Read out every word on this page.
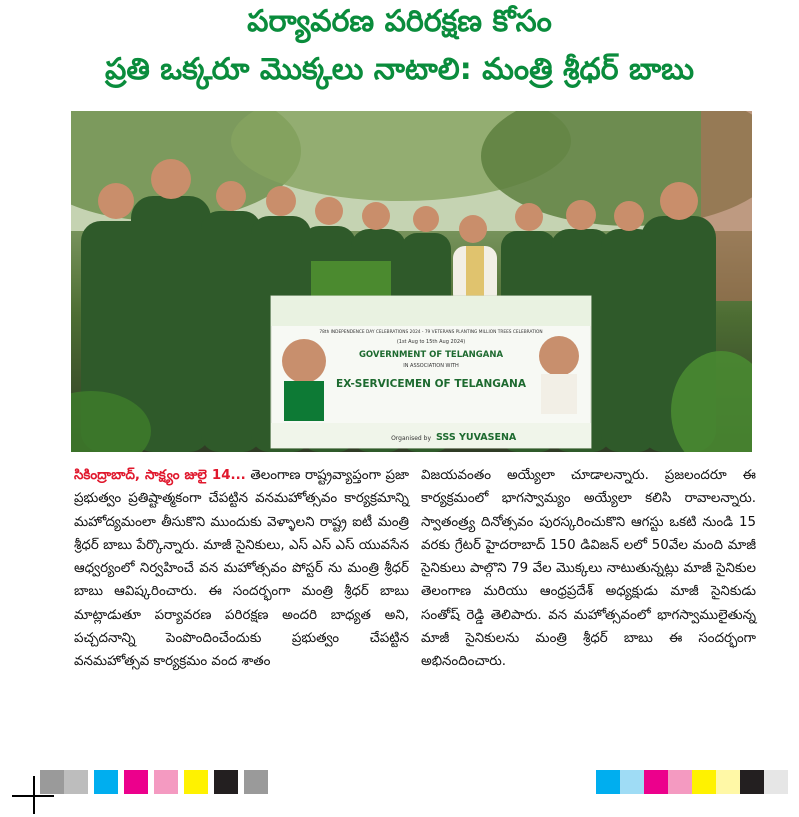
పర్యావరణ పరిరక్షణ కోసం
ప్రతి ఒక్కరూ మొక్కలు నాటాలి: మంత్రి శ్రీధర్ బాబు
78th INDEPENDENCE DAY CELEBRATIONS 2024 - 79 VETERANS PLANTING MILLION TREES CELEBRATION
(1st Aug to 15th Aug 2024)
GOVERNMENT OF TELANGANA
IN ASSOCIATION WITH
EX-SERVICEMEN OF TELANGANA
Organised by SSS YUVASENA
సికింద్రాబాద్, సాక్ష్యం జులై 14... తెలంగాణ రాష్ట్రవ్యాప్తంగా ప్రజా ప్రభుత్వం ప్రతిష్టాత్మకంగా చేపట్టిన వనమహోత్సవం కార్యక్రమాన్ని మహోద్యమంలా తీసుకొని ముందుకు వెళ్ళాలని రాష్ట్ర ఐటీ మంత్రి శ్రీధర్ బాబు పేర్కొన్నారు. మాజీ సైనికులు, ఎస్ ఎస్ ఎస్ యువసేన ఆధ్వర్యంలో నిర్వహించే వన మహోత్సవం పోస్టర్ ను మంత్రి శ్రీధర్ బాబు ఆవిష్కరించారు. ఈ సందర్భంగా మంత్రి శ్రీధర్ బాబు మాట్లాడుతూ పర్యావరణ పరిరక్షణ అందరి బాధ్యత అని, పచ్చదనాన్ని పెంపొందించేందుకు ప్రభుత్వం చేపట్టిన వనమహోత్సవ కార్యక్రమం వంద శాతం
విజయవంతం అయ్యేలా చూడాలన్నారు. ప్రజలందరూ ఈ కార్యక్రమంలో భాగస్వామ్యం అయ్యేలా కలిసి రావాలన్నారు. స్వాతంత్ర్య దినోత్సవం పురస్కరించుకొని ఆగస్టు ఒకటి నుండి 15 వరకు గ్రేటర్ హైదరాబాద్ 150 డివిజన్ లలో 50వేల మంది మాజీ సైనికులు పాల్గొని 79 వేల మొక్కలు నాటుతున్నట్లు మాజీ సైనికుల తెలంగాణ మరియు ఆంధ్రప్రదేశ్ అధ్యక్షుడు మాజీ సైనికుడు సంతోష్ రెడ్డి తెలిపారు. వన మహోత్సవంలో భాగస్వాములైతున్న మాజీ సైనికులను మంత్రి శ్రీధర్ బాబు ఈ సందర్భంగా అభినందించారు.
